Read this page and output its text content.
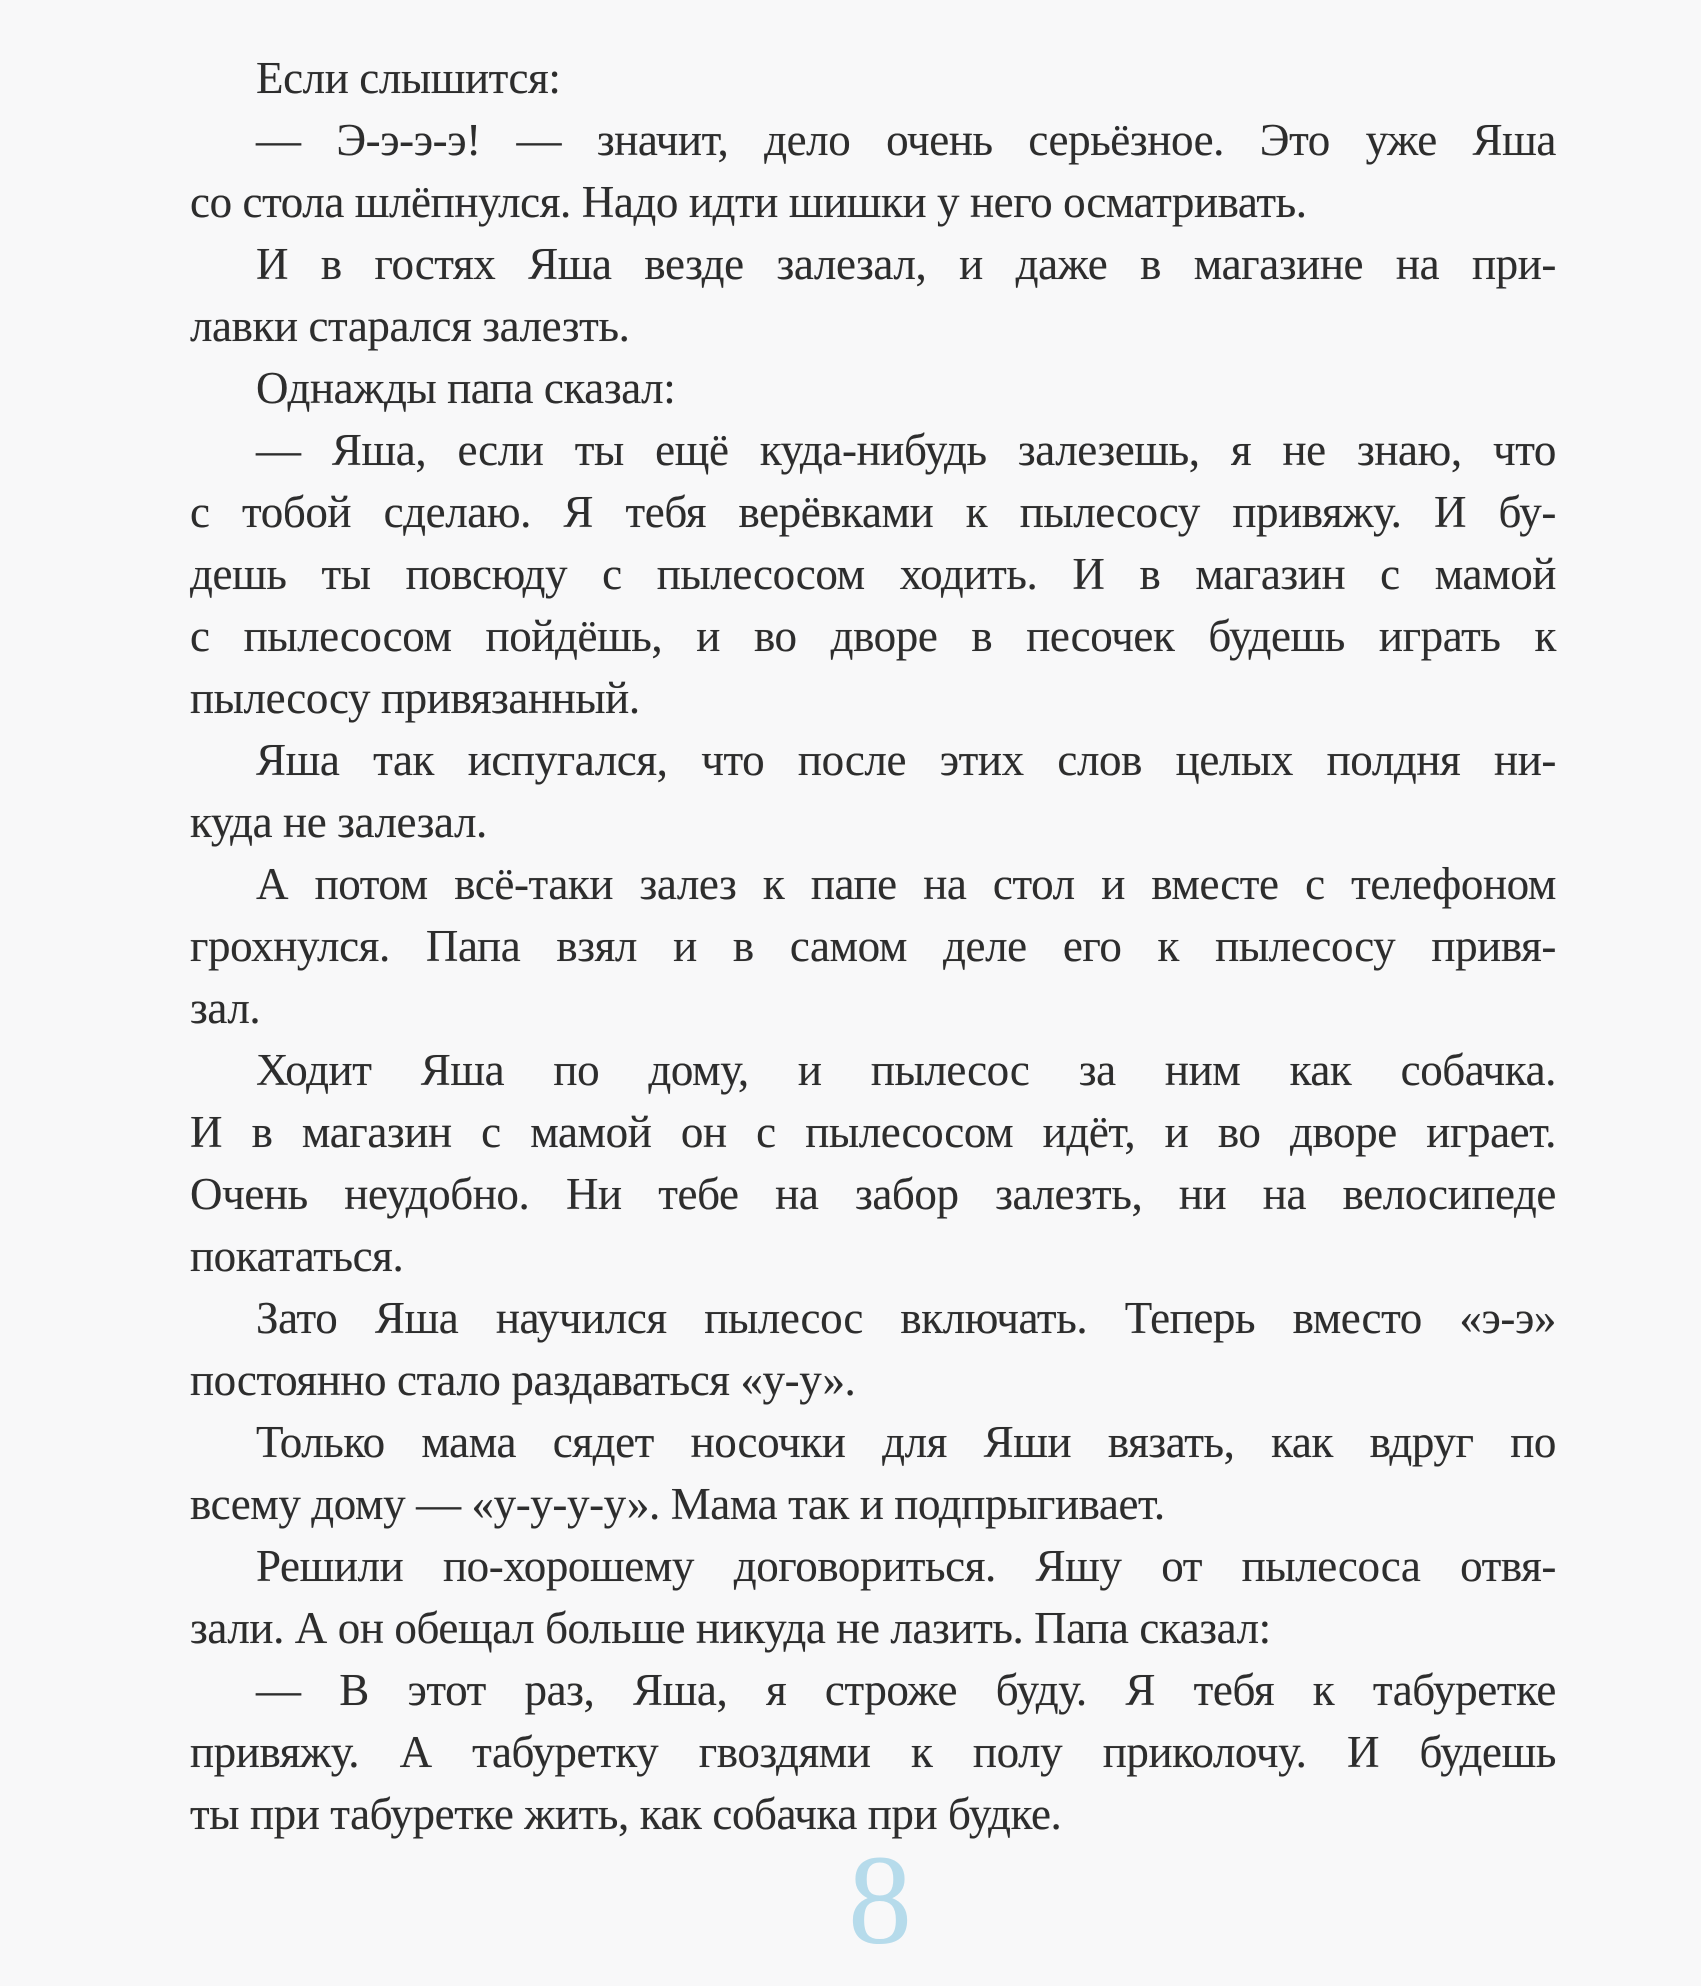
Если слышится:
— Э-э-э-э! — значит, дело очень серьёзное. Это уже Яша
со стола шлёпнулся. Надо идти шишки у него осматривать.
И в гостях Яша везде залезал, и даже в магазине на при-
лавки старался залезть.
Однажды папа сказал:
— Яша, если ты ещё куда-нибудь залезешь, я не знаю, что
с тобой сделаю. Я тебя верёвками к пылесосу привяжу. И бу-
дешь ты повсюду с пылесосом ходить. И в магазин с мамой
с пылесосом пойдёшь, и во дворе в песочек будешь играть к
пылесосу привязанный.
Яша так испугался, что после этих слов целых полдня ни-
куда не залезал.
А потом всё-таки залез к папе на стол и вместе с телефоном
грохнулся. Папа взял и в самом деле его к пылесосу привя-
зал.
Ходит Яша по дому, и пылесос за ним как собачка.
И в магазин с мамой он с пылесосом идёт, и во дворе играет.
Очень неудобно. Ни тебе на забор залезть, ни на велосипеде
покататься.
Зато Яша научился пылесос включать. Теперь вместо «э-э»
постоянно стало раздаваться «у-у».
Только мама сядет носочки для Яши вязать, как вдруг по
всему дому — «у-у-у-у». Мама так и подпрыгивает.
Решили по-хорошему договориться. Яшу от пылесоса отвя-
зали. А он обещал больше никуда не лазить. Папа сказал:
— В этот раз, Яша, я строже буду. Я тебя к табуретке
привяжу. А табуретку гвоздями к полу приколочу. И будешь
ты при табуретке жить, как собачка при будке.
8
